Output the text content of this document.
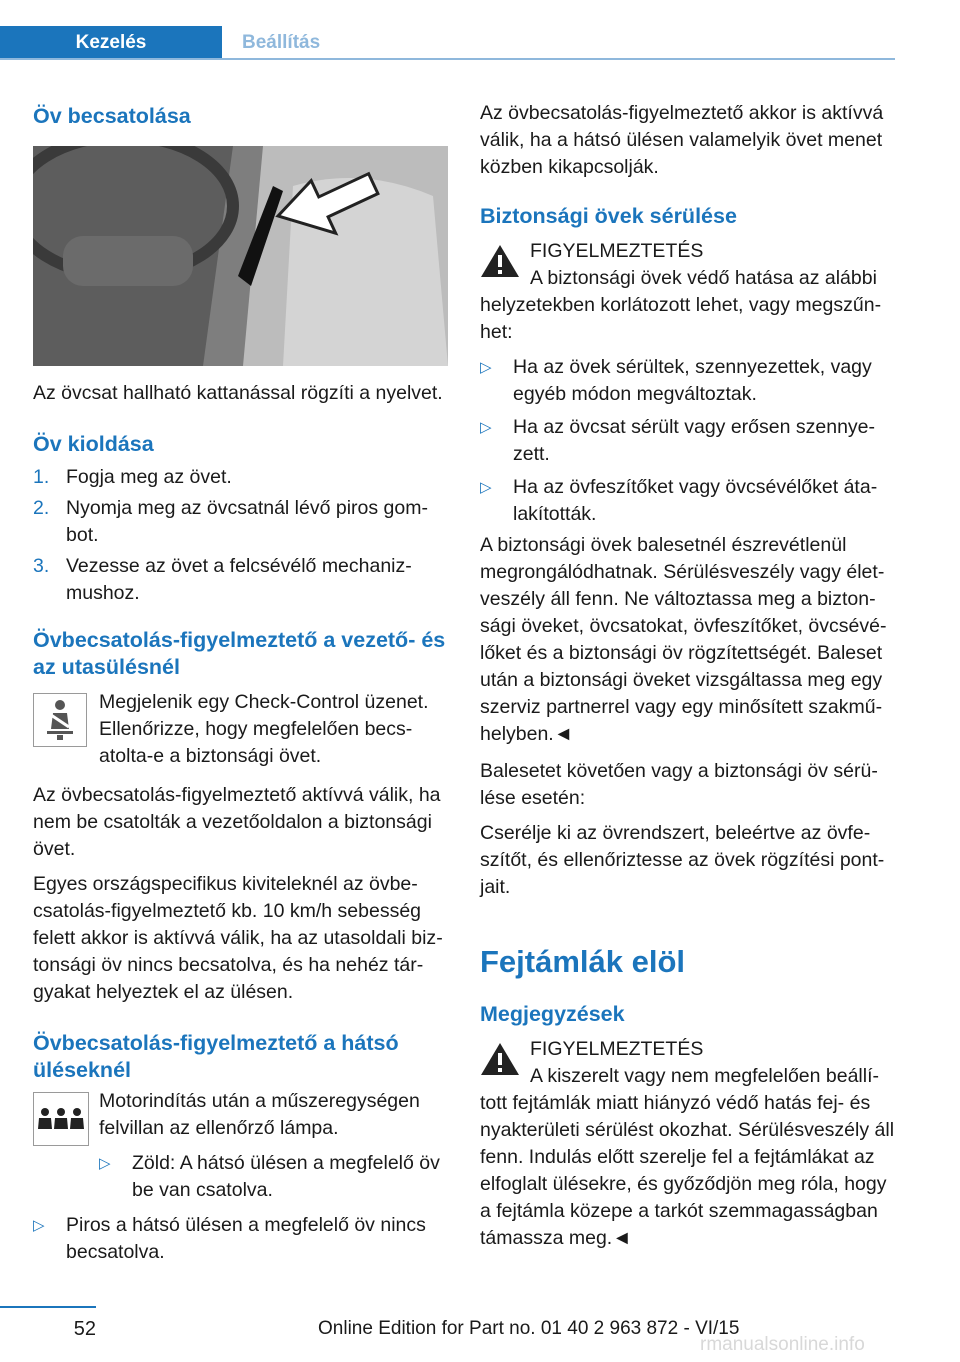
Kezelés	Beállítás
Öv becsatolása

Az övcsat hallható kattanással rögzíti a nyelvet.

Öv kioldása
1. Fogja meg az övet.
2. Nyomja meg az övcsatnál lévő piros gombot.
3. Vezesse az övet a felcsévélő mechanizmushoz.
Övbecsatolás-figyelmeztető a vezető- és az utasülésnél

Megjelenik egy Check-Control üzenet. Ellenőrizze, hogy megfelelően becsatolta-e a biztonsági övet.

Az övbecsatolás-figyelmeztető aktívvá válik, ha nem be csatolták a vezetőoldalon a biztonsági övet.

Egyes országspecifikus kiviteleknél az övbecsatolás-figyelmeztető kb. 10 km/h sebesség felett akkor is aktívvá válik, ha az utasoldali biztonsági öv nincs becsatolva, és ha nehéz tárgyakat helyeztek el az ülésen.

Övbecsatolás-figyelmeztető a hátsó üléseknél

Motorindítás után a műszeregységen felvillan az ellenőrző lámpa.

▷ Zöld: A hátsó ülésen a megfelelő öv be van csatolva.
▷ Piros a hátsó ülésen a megfelelő öv nincs becsatolva.

Az övbecsatolás-figyelmeztető akkor is aktívvá válik, ha a hátsó ülésen valamelyik övet menet közben kikapcsolják.

Biztonsági övek sérülése

FIGYELMEZTETÉS

A biztonsági övek védő hatása az alábbi helyzetekben korlátozott lehet, vagy megszűnhet:

▷ Ha az övek sérültek, szennyezettek, vagy egyéb módon megváltoztak.
▷ Ha az övcsat sérült vagy erősen szennyezett.
▷ Ha az övfeszítőket vagy övcsévélőket átalakították.

A biztonsági övek balesetnél észrevétlenül megrongálódhatnak. Sérülésveszély vagy életveszély áll fenn. Ne változtassa meg a biztonsági öveket, övcsatokat, övfeszítőket, övcsévélőket és a biztonsági öv rögzítettségét. Baleset után a biztonsági öveket vizsgáltassa meg egy szerviz partnerrel vagy egy minősített szakműhelyben.◄

Balesetet követően vagy a biztonsági öv sérülése esetén:

Cserélje ki az övrendszert, beleértve az övfeszítőt, és ellenőriztesse az övek rögzítési pontjait.

Fejtámlák elöl
Megjegyzések

FIGYELMEZTETÉS

A kiszerelt vagy nem megfelelően beállított fejtámlák miatt hiányzó védő hatás fej- és nyakterületi sérülést okozhat. Sérülésveszély áll fenn. Indulás előtt szerelje fel a fejtámlákat az elfoglalt ülésekre, és győződjön meg róla, hogy a fejtámla közepe a tarkót szemmagasságban támassza meg.◄

52	Online Edition for Part no. 01 40 2 963 872 - VI/15
rmanualsonline.info
